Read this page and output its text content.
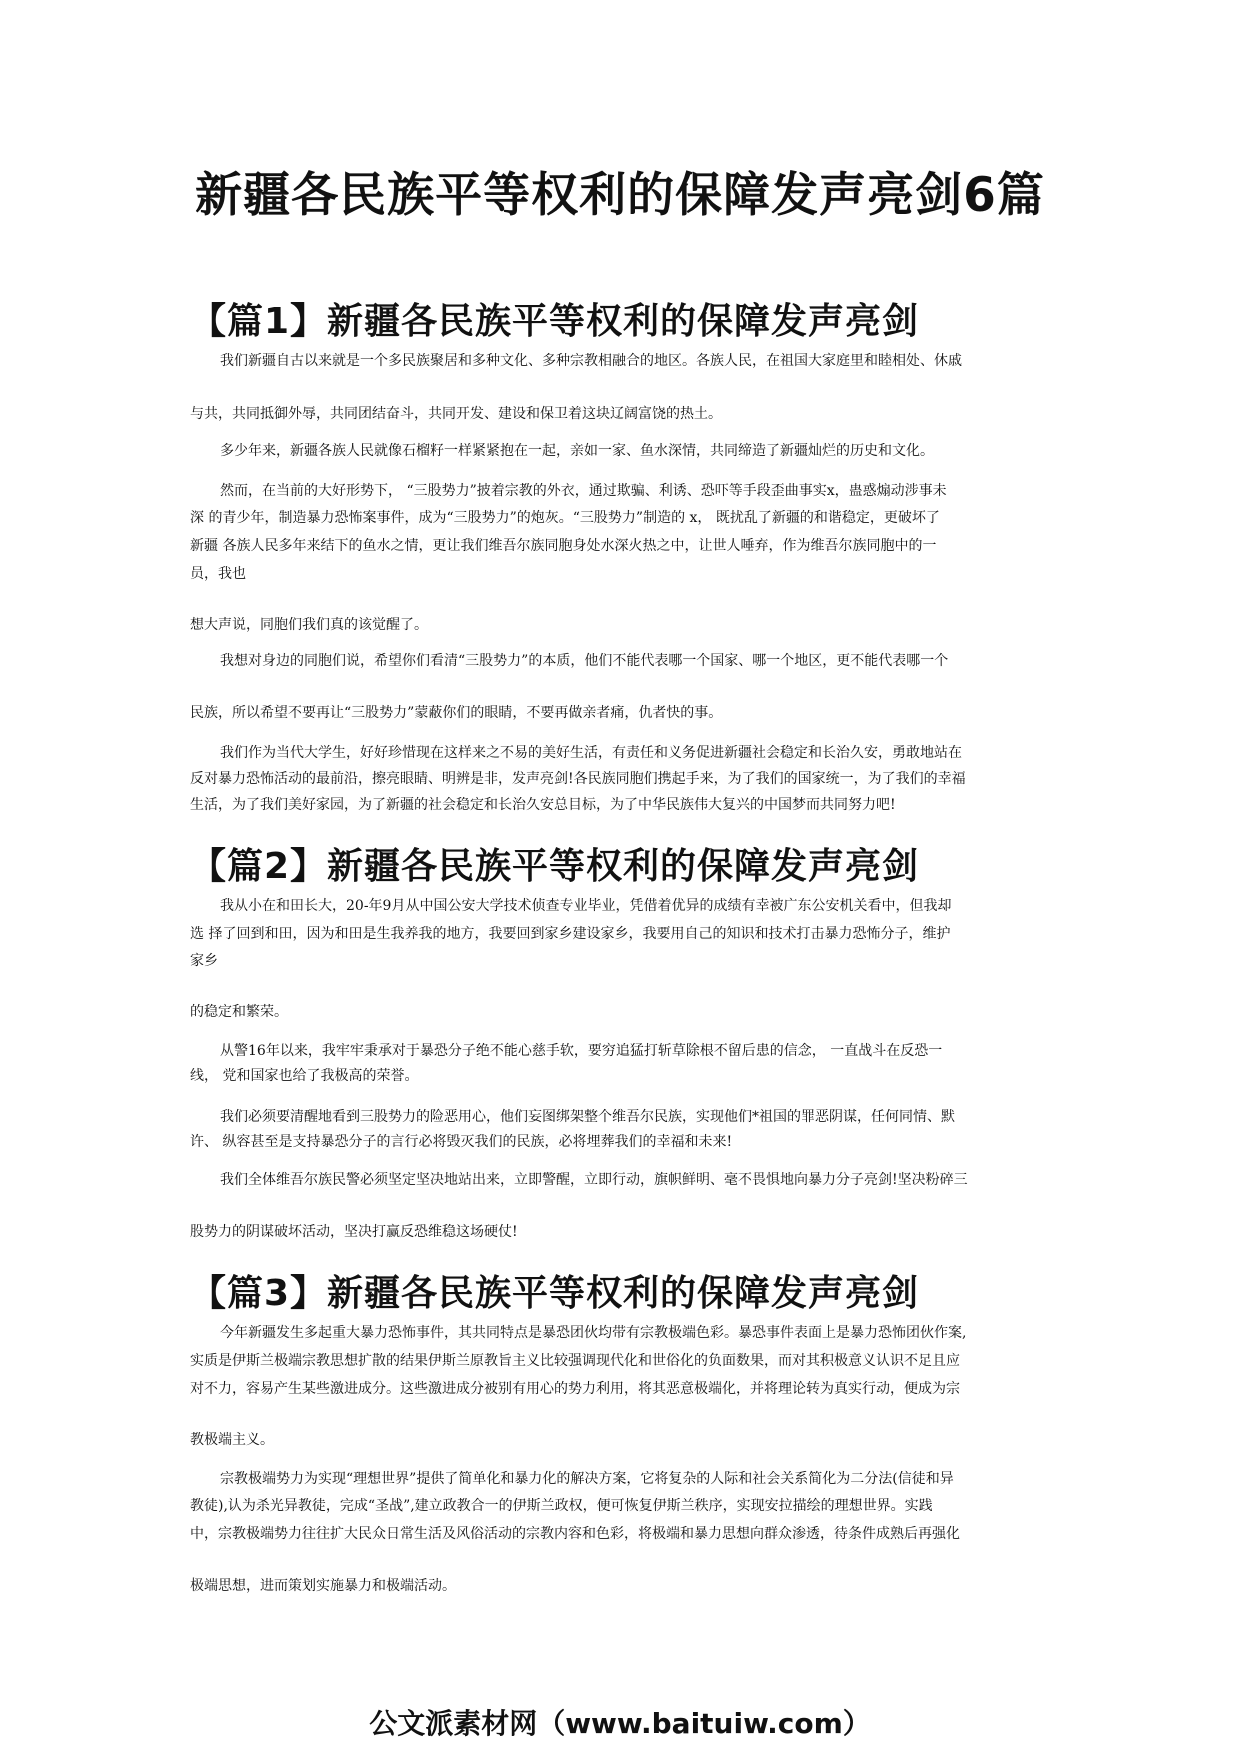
新疆各民族平等权利的保障发声亮剑6篇
【篇1】新疆各民族平等权利的保障发声亮剑

我们新疆自古以来就是一个多民族聚居和多种文化、多种宗教相融合的地区。各族人民，在祖国大家庭里和睦相处、休戚

与共，共同抵御外辱，共同团结奋斗，共同开发、建设和保卫着这块辽阔富饶的热土。

多少年来，新疆各族人民就像石榴籽一样紧紧抱在一起，亲如一家、鱼水深情，共同缔造了新疆灿烂的历史和文化。

然而，在当前的大好形势下， “三股势力”披着宗教的外衣，通过欺骗、利诱、恐吓等手段歪曲事实x，蛊惑煽动涉事未

深 的青少年，制造暴力恐怖案事件，成为“三股势力”的炮灰。“三股势力”制造的 x， 既扰乱了新疆的和谐稳定，更破坏了

新疆 各族人民多年来结下的鱼水之情，更让我们维吾尔族同胞身处水深火热之中，让世人唾弃，作为维吾尔族同胞中的一

员，我也

想大声说，同胞们我们真的该觉醒了。

我想对身边的同胞们说，希望你们看清“三股势力”的本质，他们不能代表哪一个国家、哪一个地区，更不能代表哪一个

民族，所以希望不要再让“三股势力”蒙蔽你们的眼睛，不要再做亲者痛，仇者快的事。

我们作为当代大学生，好好珍惜现在这样来之不易的美好生活，有责任和义务促进新疆社会稳定和长治久安，勇敢地站在

反对暴力恐怖活动的最前沿，擦亮眼睛、明辨是非，发声亮剑!各民族同胞们携起手来，为了我们的国家统一，为了我们的幸福

生活，为了我们美好家园，为了新疆的社会稳定和长治久安总目标，为了中华民族伟大复兴的中国梦而共同努力吧!

【篇2】新疆各民族平等权利的保障发声亮剑

我从小在和田长大，20-年9月从中国公安大学技术侦查专业毕业，凭借着优异的成绩有幸被广东公安机关看中，但我却

选 择了回到和田，因为和田是生我养我的地方，我要回到家乡建设家乡，我要用自己的知识和技术打击暴力恐怖分子，维护

家乡

的稳定和繁荣。

从警16年以来，我牢牢秉承对于暴恐分子绝不能心慈手软，要穷追猛打斩草除根不留后患的信念， 一直战斗在反恐一

线， 党和国家也给了我极高的荣誉。

我们必须要清醒地看到三股势力的险恶用心，他们妄图绑架整个维吾尔民族，实现他们*祖国的罪恶阴谋，任何同情、默

许、 纵容甚至是支持暴恐分子的言行必将毁灭我们的民族，必将埋葬我们的幸福和未来!

我们全体维吾尔族民警必须坚定坚决地站出来，立即警醒，立即行动，旗帜鲜明、毫不畏惧地向暴力分子亮剑!坚决粉碎三

股势力的阴谋破坏活动，坚决打赢反恐维稳这场硬仗!

【篇3】新疆各民族平等权利的保障发声亮剑

今年新疆发生多起重大暴力恐怖事件，其共同特点是暴恐团伙均带有宗教极端色彩。暴恐事件表面上是暴力恐怖团伙作案,

实质是伊斯兰极端宗教思想扩散的结果伊斯兰原教旨主义比较强调现代化和世俗化的负面数果，而对其积极意义认识不足且应

对不力，容易产生某些激进成分。这些激进成分被别有用心的势力利用，将其恶意极端化，并将理论转为真实行动，便成为宗

教极端主义。

宗教极端势力为实现“理想世界”提供了简单化和暴力化的解决方案，它将复杂的人际和社会关系简化为二分法(信徒和异

教徒),认为杀光异教徒，完成“圣战”,建立政教合一的伊斯兰政权，便可恢复伊斯兰秩序，实现安拉描绘的理想世界。实践

中，宗教极端势力往往扩大民众日常生活及风俗活动的宗教内容和色彩，将极端和暴力思想向群众渗透，待条件成熟后再强化

极端思想，进而策划实施暴力和极端活动。

公文派素材网（www.baituiw.com）
